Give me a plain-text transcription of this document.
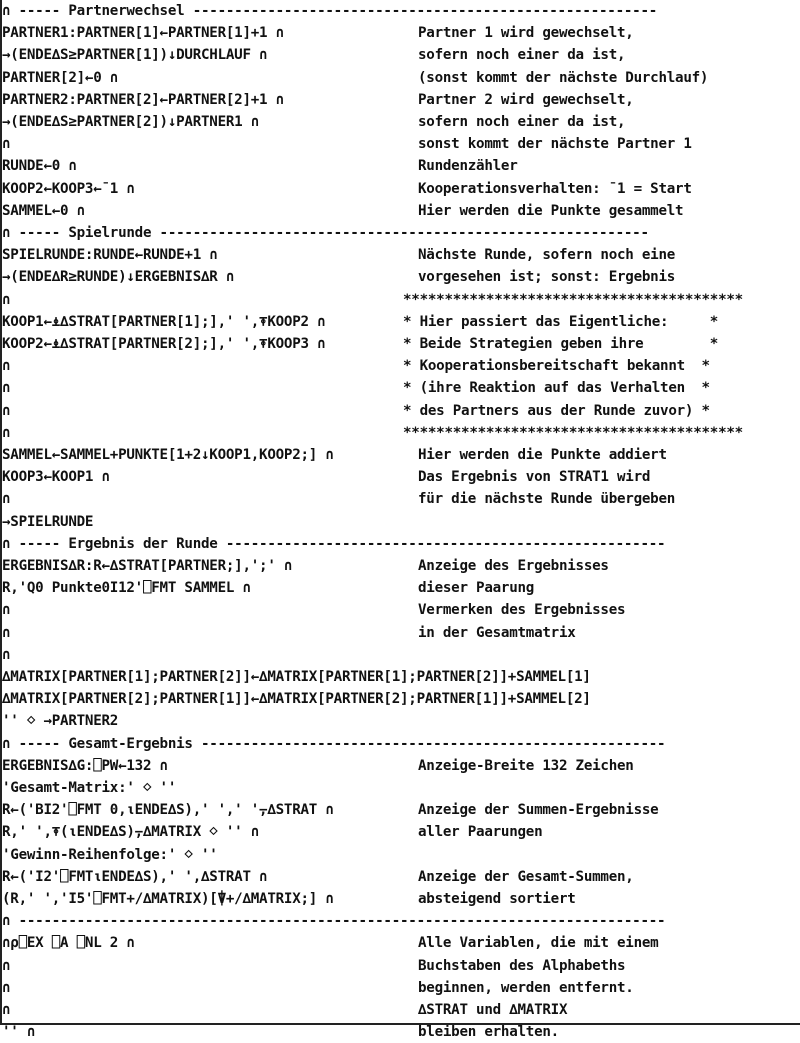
∩ ----- Partnerwechsel --------------------------------------------------------
PARTNER1:PARTNER[1]←PARTNER[1]+1 ∩	Partner 1 wird gewechselt,
→(ENDE∆S≥PARTNER[1])↓DURCHLAUF ∩	sofern noch einer da ist,
PARTNER[2]←0 ∩	(sonst kommt der nächste Durchlauf)
PARTNER2:PARTNER[2]←PARTNER[2]+1 ∩	Partner 2 wird gewechselt,
→(ENDE∆S≥PARTNER[2])↓PARTNER1 ∩	sofern noch einer da ist,
∩	sonst kommt der nächste Partner 1
RUNDE←0 ∩	Rundenzähler
KOOP2←KOOP3←¯1 ∩	Kooperationsverhalten: ¯1 = Start
SAMMEL←0 ∩	Hier werden die Punkte gesammelt
∩ ----- Spielrunde -----------------------------------------------------------
SPIELRUNDE:RUNDE←RUNDE+1 ∩	Nächste Runde, sofern noch eine
→(ENDE∆R≥RUNDE)↓ERGEBNIS∆R ∩	vorgesehen ist; sonst: Ergebnis
∩	*****************************************
KOOP1←⍎∆STRAT[PARTNER[1];],' ',⍕KOOP2 ∩	* Hier passiert das Eigentliche:     *
KOOP2←⍎∆STRAT[PARTNER[2];],' ',⍕KOOP3 ∩	* Beide Strategien geben ihre        *
∩	* Kooperationsbereitschaft bekannt  *
∩	* (ihre Reaktion auf das Verhalten  *
∩	* des Partners aus der Runde zuvor) *
∩	*****************************************
SAMMEL←SAMMEL+PUNKTE[1+2↓KOOP1,KOOP2;] ∩	Hier werden die Punkte addiert
KOOP3←KOOP1 ∩	Das Ergebnis von STRAT1 wird
∩	für die nächste Runde übergeben
→SPIELRUNDE
∩ ----- Ergebnis der Runde -----------------------------------------------------
ERGEBNIS∆R:R←∆STRAT[PARTNER;],';' ∩	Anzeige des Ergebnisses
R,'Q0 Punkte0I12'⎕FMT SAMMEL ∩	dieser Paarung
∩	Vermerken des Ergebnisses
∩	in der Gesamtmatrix
∩
∆MATRIX[PARTNER[1];PARTNER[2]]←∆MATRIX[PARTNER[1];PARTNER[2]]+SAMMEL[1]
∆MATRIX[PARTNER[2];PARTNER[1]]←∆MATRIX[PARTNER[2];PARTNER[1]]+SAMMEL[2]
'' ⋄ →PARTNER2
∩ ----- Gesamt-Ergebnis --------------------------------------------------------
ERGEBNIS∆G:⎕PW←132 ∩	Anzeige-Breite 132 Zeichen
'Gesamt-Matrix:' ⋄ ''
R←('BI2'⎕FMT 0,⍳ENDE∆S),' ',' '⍪∆STRAT ∩	Anzeige der Summen-Ergebnisse
R,' ',⍕(⍳ENDE∆S)⍪∆MATRIX ⋄ '' ∩	aller Paarungen
'Gewinn-Reihenfolge:' ⋄ ''
R←('I2'⎕FMT⍳ENDE∆S),' ',∆STRAT ∩	Anzeige der Gesamt-Summen,
(R,' ','I5'⎕FMT+/∆MATRIX)[⍒+/∆MATRIX;] ∩	absteigend sortiert
∩ ------------------------------------------------------------------------------
∩⍴⎕EX ⎕A ⎕NL 2 ∩	Alle Variablen, die mit einem
∩	Buchstaben des Alphabeths
∩	beginnen, werden entfernt.
∩	∆STRAT und ∆MATRIX
'' ∩	bleiben erhalten.
